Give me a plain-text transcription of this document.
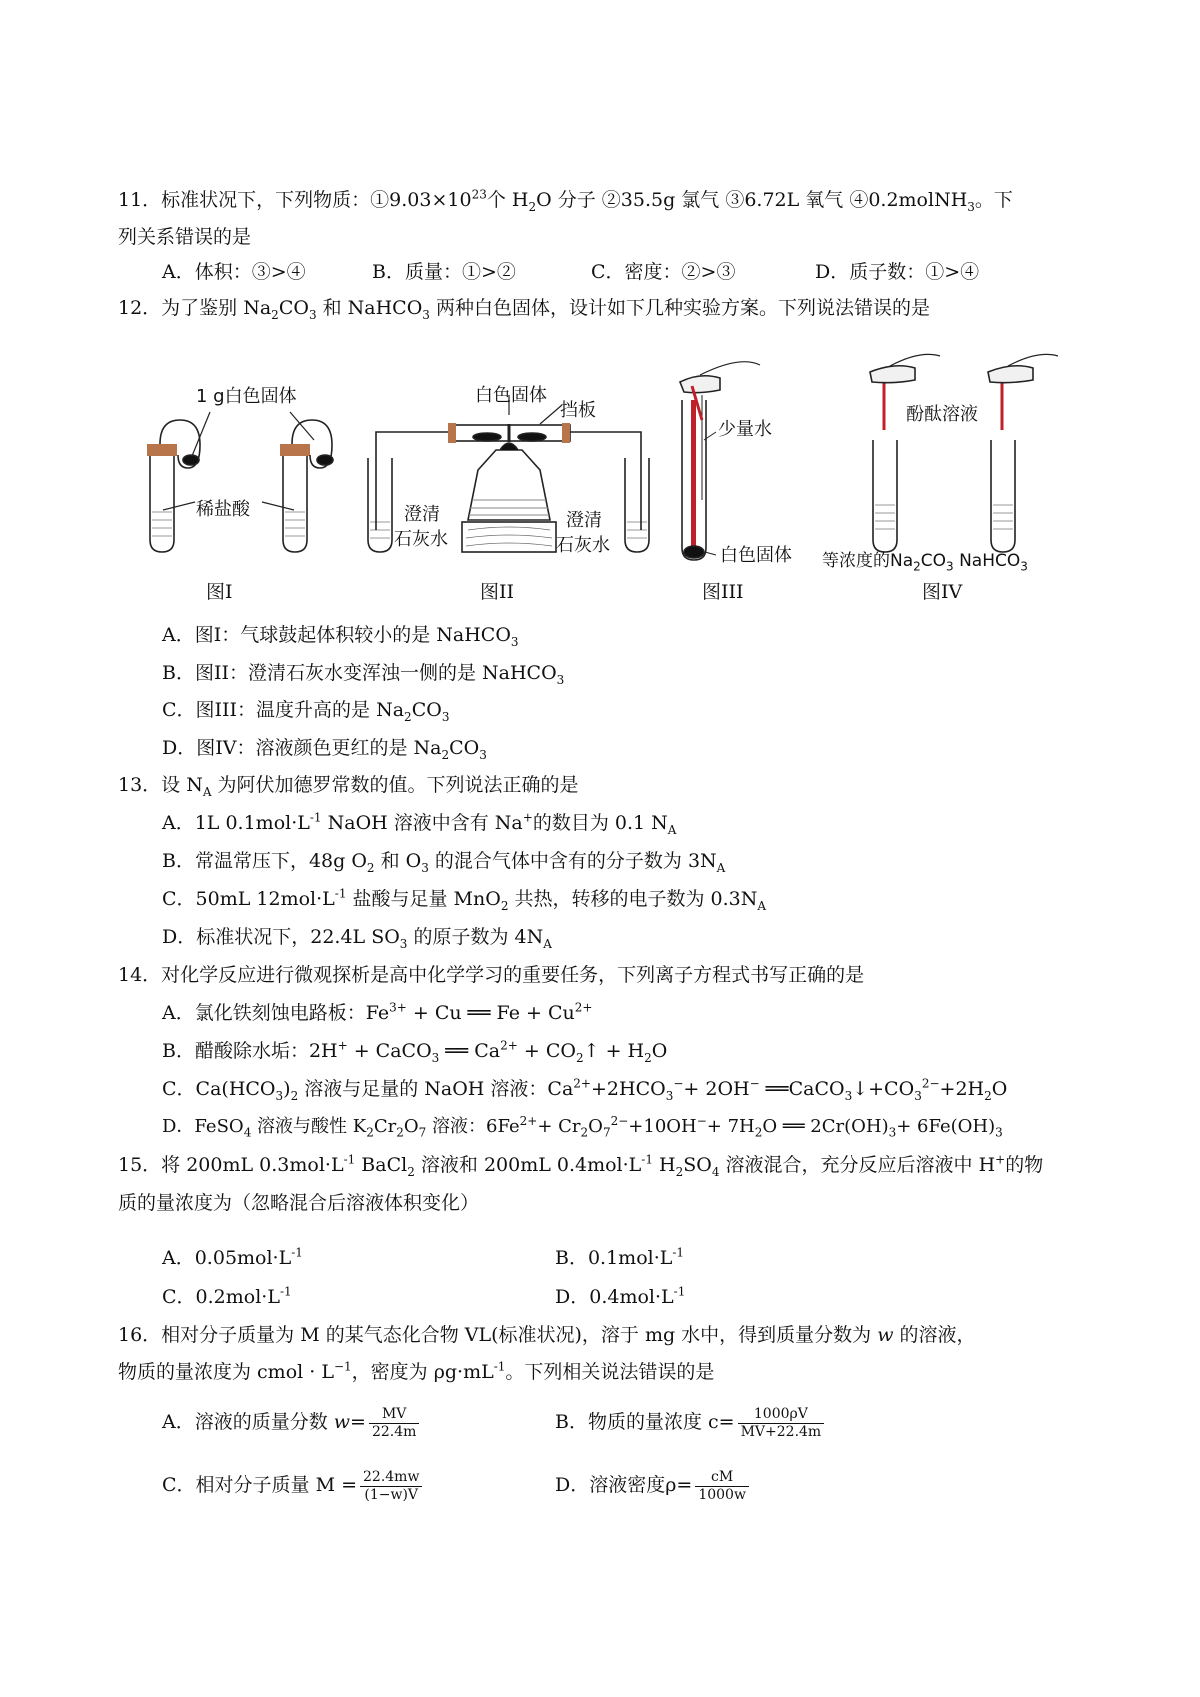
11．标准状况下，下列物质：$①9.03\times 10^{23}$个 $H_2O$ 分子 ②35.5g 氯气 ③6.72L 氧气 ④0.2molNH$_3$。下
列关系错误的是
A．体积：③>④	B．质量：①>②	C．密度：②>③	D．质子数：①>④
12．为了鉴别 $Na_2CO_3$ 和 NaHCO$_3$ 两种白色固体，设计如下几种实验方案。下列说法错误的是
1 g白色固体
稀盐酸
图I
白色固体
挡板
澄清
石灰水
澄清
石灰水
图II
少量水
白色固体
图III
酚酞溶液
等浓度的$Na_2CO_3$ NaHCO$_3$
图IV
A．图I：气球鼓起体积较小的是 NaHCO$_3$
B．图II：澄清石灰水变浑浊一侧的是 NaHCO$_3$
C．图III：温度升高的是 $Na_2CO_3$
D．图IV：溶液颜色更红的是 $Na_2CO_3$
13．设 $N_A$ 为阿伏加德罗常数的值。下列说法正确的是
A．1L $0.1mol\cdot L^{-1}$ NaOH 溶液中含有 Na+的数目为 0.1 $N_A$
B．常温常压下，48g $O_2$ 和 $O_3$ 的混合气体中含有的分子数为 $3N_A$
C．50mL $12mol\cdot L^{-1}$ 盐酸与足量 MnO$_2$ 共热，转移的电子数为 $0.3N_A$
D．标准状况下，22.4L $SO_3$ 的原子数为 $4N_A$
14．对化学反应进行微观探析是高中化学学习的重要任务，下列离子方程式书写正确的是
A．氯化铁刻蚀电路板：$Fe^{3+} + Cu$ ══ $Fe + Cu^{2+}$
B．醋酸除水垢：2H+ + CaCO$_3$ ══ $Ca^{2+}$ + $CO_2↑ + H_2O$
C．$Ca(HCO_3)_2$ 溶液与足量的 NaOH 溶液：$Ca^{2+}+2HCO_3^-+ 2OH^-$ $══CaCO_3↓+CO_3^{2-}+2H_2O$
D．FeSO$_4$ 溶液与酸性 $K_2Cr_2O_7$ 溶液：$6Fe^{2+}+ Cr_2O_7^{2-}+10OH^-+ 7H_2O$ ══ $2Cr(OH)_3+ 6Fe(OH)_3$
15．将 200mL $0.3mol\cdot L^{-1}$ BaCl$_2$ 溶液和 200mL $0.4mol\cdot L^{-1}$ $H_2SO_4$ 溶液混合，充分反应后溶液中 H+的物
质的量浓度为（忽略混合后溶液体积变化）
A．$0.05mol\cdot L^{-1}$	B．$0.1mol\cdot L^{-1}$
C．$0.2mol\cdot L^{-1}$	D．$0.4mol\cdot L^{-1}$
16．相对分子质量为 M 的某气态化合物 VL(标准状况)，溶于 mg 水中，得到质量分数为 w 的溶液，
物质的量浓度为 cmol · $L^{-1}$，密度为 $\rho g\cdot mL^{-1}$。下列相关说法错误的是
A．溶液的质量分数 $w= \frac{MV}{22.4m}$	B．物质的量浓度 $c= \frac{1000\rho V}{MV+22.4m}$
C．相对分子质量 $M = \frac{22.4mw}{(1-w)V}$	D．溶液密度$\rho= \frac{cM}{1000w}$
